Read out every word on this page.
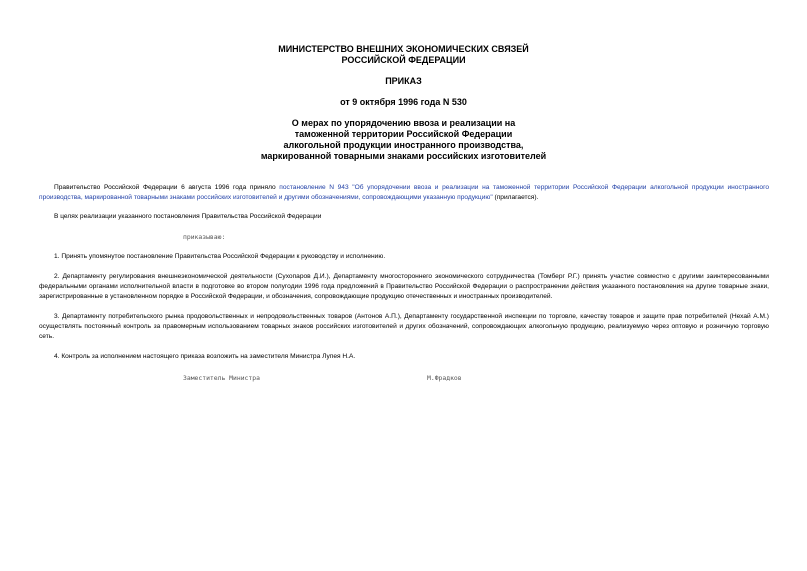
МИНИСТЕРСТВО ВНЕШНИХ ЭКОНОМИЧЕСКИХ СВЯЗЕЙ

РОССИЙСКОЙ ФЕДЕРАЦИИ

ПРИКАЗ

от 9 октября 1996 года N 530

О мерах по упорядочению ввоза и реализации на

таможенной территории Российской Федерации

алкогольной продукции иностранного производства,

маркированной товарными знаками российских изготовителей

Правительство Российской Федерации 6 августа 1996 года приняло постановление N 943 "Об упорядочении ввоза и реализации на таможенной территории Российской Федерации алкогольной продукции иностранного производства, маркированной товарными знаками российских изготовителей и другими обозначениями, сопровождающими указанную продукцию" (прилагается).

В целях реализации указанного постановления Правительства Российской Федерации

1. Принять упомянутое постановление Правительства Российской Федерации к руководству и исполнению.

2. Департаменту регулирования внешнеэкономической деятельности (Сухопаров Д.И.), Департаменту многостороннего экономического сотрудничества (Томберг Р.Г.) принять участие совместно с другими заинтересованными федеральными органами исполнительной власти в подготовке во втором полугодии 1996 года предложений в Правительство Российской Федерации о распространении действия указанного постановления на другие товарные знаки, зарегистрированные в установленном порядке в Российской Федерации, и обозначения, сопровождающие продукцию отечественных и иностранных производителей.

3. Департаменту потребительского рынка продовольственных и непродовольственных товаров (Антонов А.П.), Департаменту государственной инспекции по торговле, качеству товаров и защите прав потребителей (Нехай А.М.) осуществлять постоянный контроль за правомерным использованием товарных знаков российских изготовителей и других обозначений, сопровождающих алкогольную продукцию, реализуемую через оптовую и розничную торговую сеть.

4. Контроль за исполнением настоящего приказа возложить на заместителя Министра Лупея Н.А.

приказываю:
Заместитель Министра	М.Фрадков
